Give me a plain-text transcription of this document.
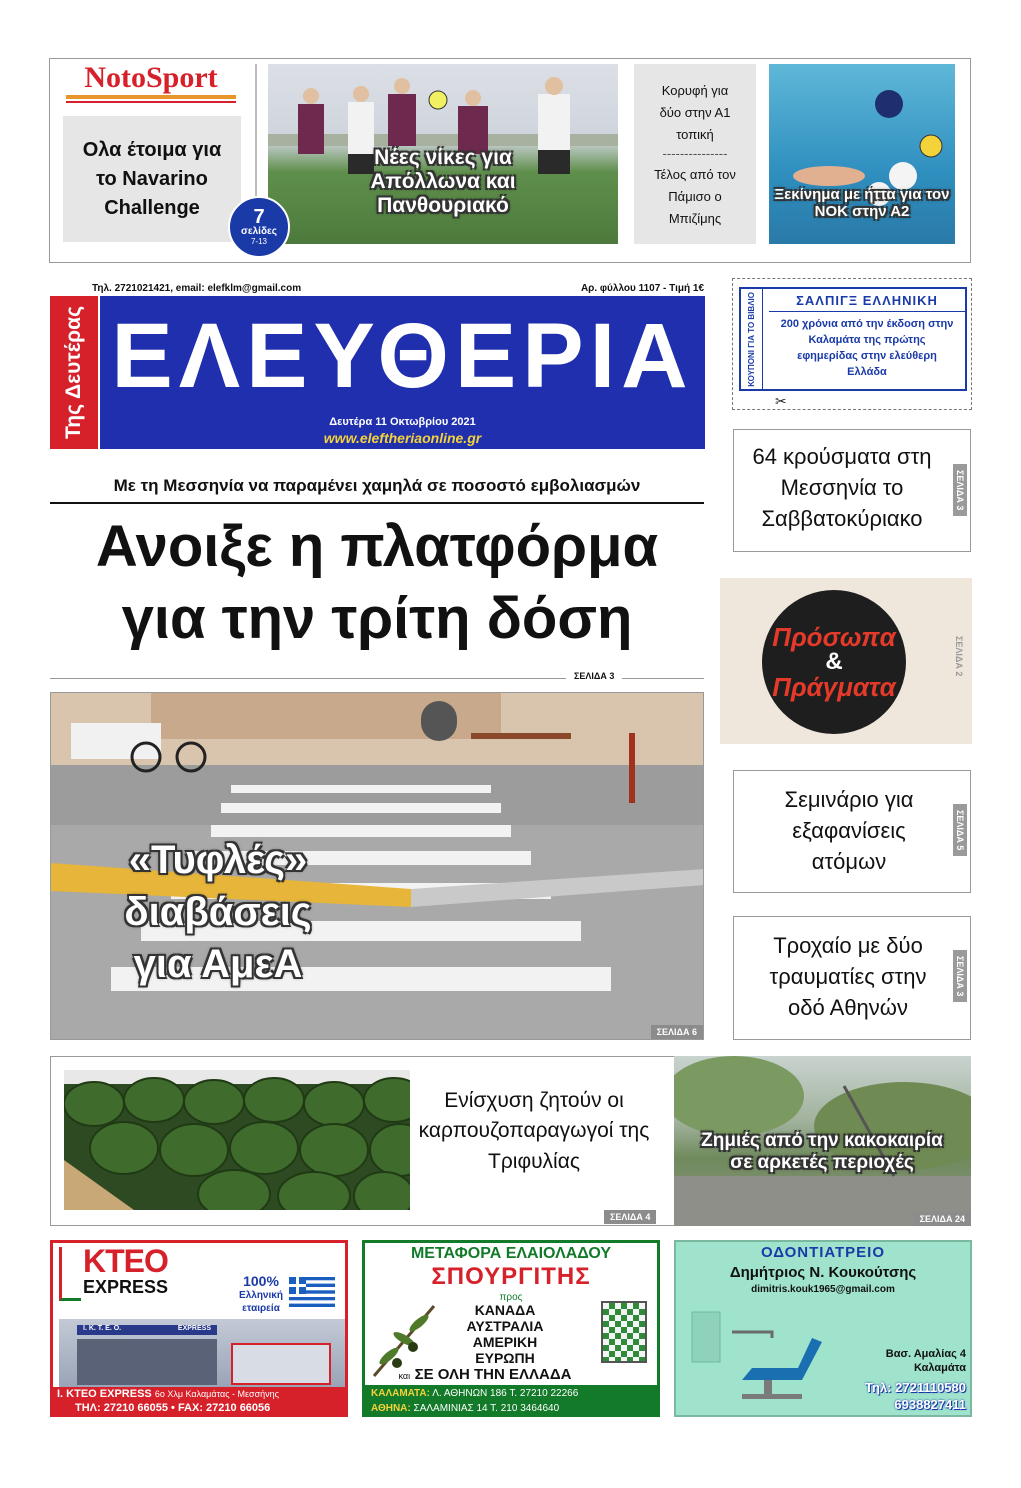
NotoSport
Ολα έτοιμα για το Navarino Challenge
Νέες νίκες για Απόλλωνα και Πανθουριακό
7
σελίδες
7-13
Κορυφή για δύο στην Α1 τοπική
---------------
Τέλος από τον Πάμισο ο Μπιζίμης
Ξεκίνημα με ήττα για τον ΝΟΚ στην Α2
Τηλ. 2721021421, email: elefklm@gmail.com	Αρ. φύλλου 1107 - Τιμή 1€
Της Δευτέρας ΕΛΕΥΘΕΡΙΑ
Δευτέρα 11 Οκτωβρίου 2021
www.eleftheriaonline.gr
ΚΟΥΠΟΝΙ ΓΙΑ ΤΟ ΒΙΒΛΙΟ	ΣΑΛΠΙΓΞ ΕΛΛΗΝΙΚΗ
200 χρόνια από την έκδοση στην Καλαμάτα της πρώτης εφημερίδας στην ελεύθερη Ελλάδα
✂
Με τη Μεσσηνία να παραμένει χαμηλά σε ποσοστό εμβολιασμών
Ανοιξε η πλατφόρμα
για την τρίτη δόση
ΣΕΛΙΔΑ 3
«Τυφλές»
διαβάσεις
για ΑμεΑ
ΣΕΛΙΔΑ 6
64 κρούσματα στη Μεσσηνία το Σαββατοκύριακο
ΣΕΛΙΔΑ 3
Πρόσωπα
&
Πράγματα
ΣΕΛΙΔΑ 2
Σεμινάριο για εξαφανίσεις ατόμων
ΣΕΛΙΔΑ 5
Τροχαίο με δύο τραυματίες στην οδό Αθηνών
ΣΕΛΙΔΑ 3
Ενίσχυση ζητούν οι καρπουζοπαραγωγοί της Τριφυλίας
ΣΕΛΙΔΑ 4
Ζημιές από την κακοκαιρία σε αρκετές περιοχές
ΣΕΛΙΔΑ 24
ΚΤΕΟ
EXPRESS	100%
Ελληνική
εταιρεία
I. K. T. E. O.	EXPRESS
Ι. ΚΤΕΟ EXPRESS 6ο Χλμ Καλαμάτας - Μεσσήνης
ΤΗΛ: 27210 66055 • FAX: 27210 66056
ΜΕΤΑΦΟΡΑ ΕΛΑΙΟΛΑΔΟΥ
ΣΠΟΥΡΓΙΤΗΣ
προς
ΚΑΝΑΔΑ
ΑΥΣΤΡΑΛΙΑ
ΑΜΕΡΙΚΗ
ΕΥΡΩΠΗ
και ΣΕ ΟΛΗ ΤΗΝ ΕΛΛΑΔΑ
ΚΑΛΑΜΑΤΑ: Λ. ΑΘΗΝΩΝ 186 Τ. 27210 22266
ΑΘΗΝΑ: ΣΑΛΑΜΙΝΙΑΣ 14 Τ. 210 3464640
ΟΔΟΝΤΙΑΤΡΕΙΟ
Δημήτριος Ν. Κουκούτσης
dimitris.kouk1965@gmail.com
Βασ. Αμαλίας 4
Καλαμάτα
Τηλ: 2721110580
6938827411
